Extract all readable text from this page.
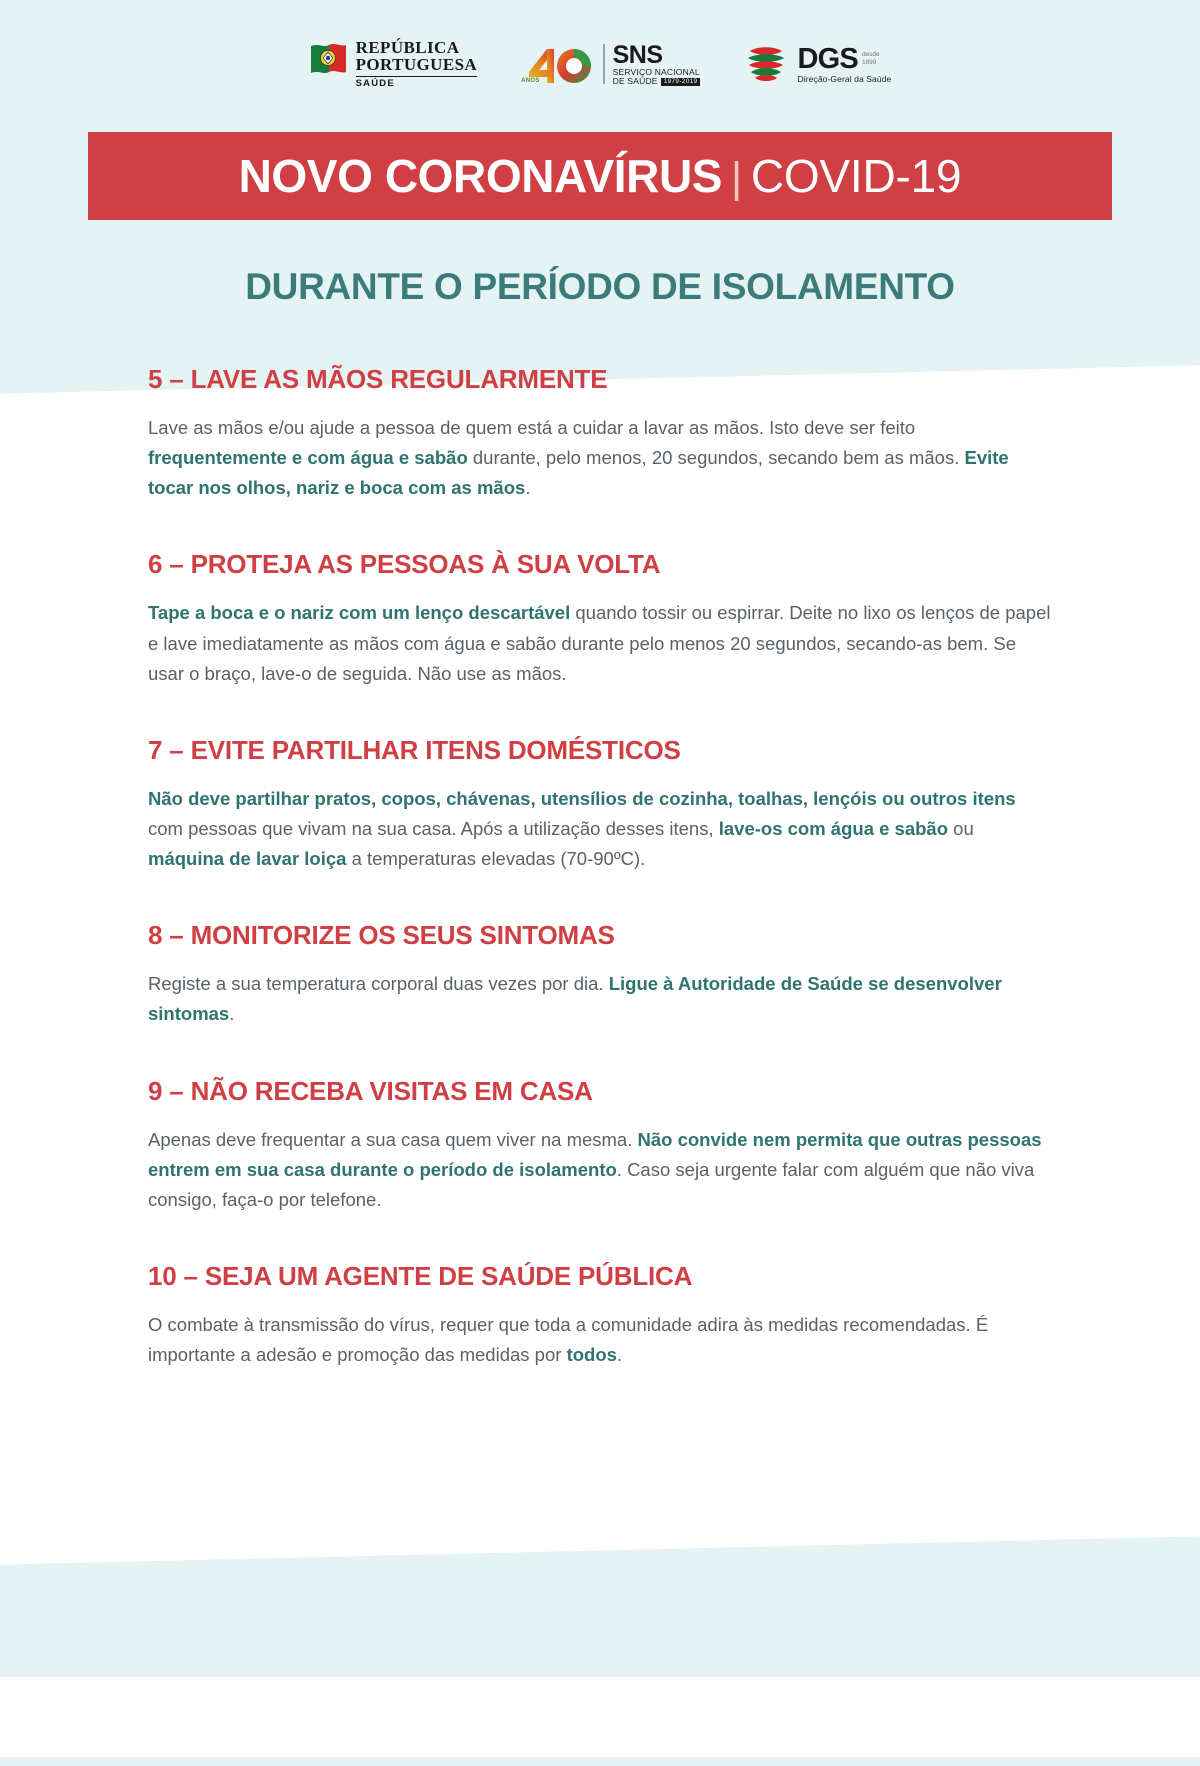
REPÚBLICA
PORTUGUESA
SAÚDE	ANOS
SNS
SERVIÇO NACIONAL
DE SAÚDE 1979-2019
DGS desde
1899
Direção-Geral da Saúde
NOVO CORONAVÍRUS | COVID-19
DURANTE O PERÍODO DE ISOLAMENTO
5 – LAVE AS MÃOS REGULARMENTE

Lave as mãos e/ou ajude a pessoa de quem está a cuidar a lavar as mãos. Isto deve ser feito frequentemente e com água e sabão durante, pelo menos, 20 segundos, secando bem as mãos. Evite tocar nos olhos, nariz e boca com as mãos.

6 – PROTEJA AS PESSOAS À SUA VOLTA

Tape a boca e o nariz com um lenço descartável quando tossir ou espirrar. Deite no lixo os lenços de papel e lave imediatamente as mãos com água e sabão durante pelo menos 20 segundos, secando-as bem. Se usar o braço, lave-o de seguida. Não use as mãos.

7 – EVITE PARTILHAR ITENS DOMÉSTICOS

Não deve partilhar pratos, copos, chávenas, utensílios de cozinha, toalhas, lençóis ou outros itens com pessoas que vivam na sua casa. Após a utilização desses itens, lave-os com água e sabão ou máquina de lavar loiça a temperaturas elevadas (70-90ºC).

8 – MONITORIZE OS SEUS SINTOMAS

Registe a sua temperatura corporal duas vezes por dia. Ligue à Autoridade de Saúde se desenvolver sintomas.

9 – NÃO RECEBA VISITAS EM CASA

Apenas deve frequentar a sua casa quem viver na mesma. Não convide nem permita que outras pessoas entrem em sua casa durante o período de isolamento. Caso seja urgente falar com alguém que não viva consigo, faça-o por telefone.

10 – SEJA UM AGENTE DE SAÚDE PÚBLICA

O combate à transmissão do vírus, requer que toda a comunidade adira às medidas recomendadas. É importante a adesão e promoção das medidas por todos.
